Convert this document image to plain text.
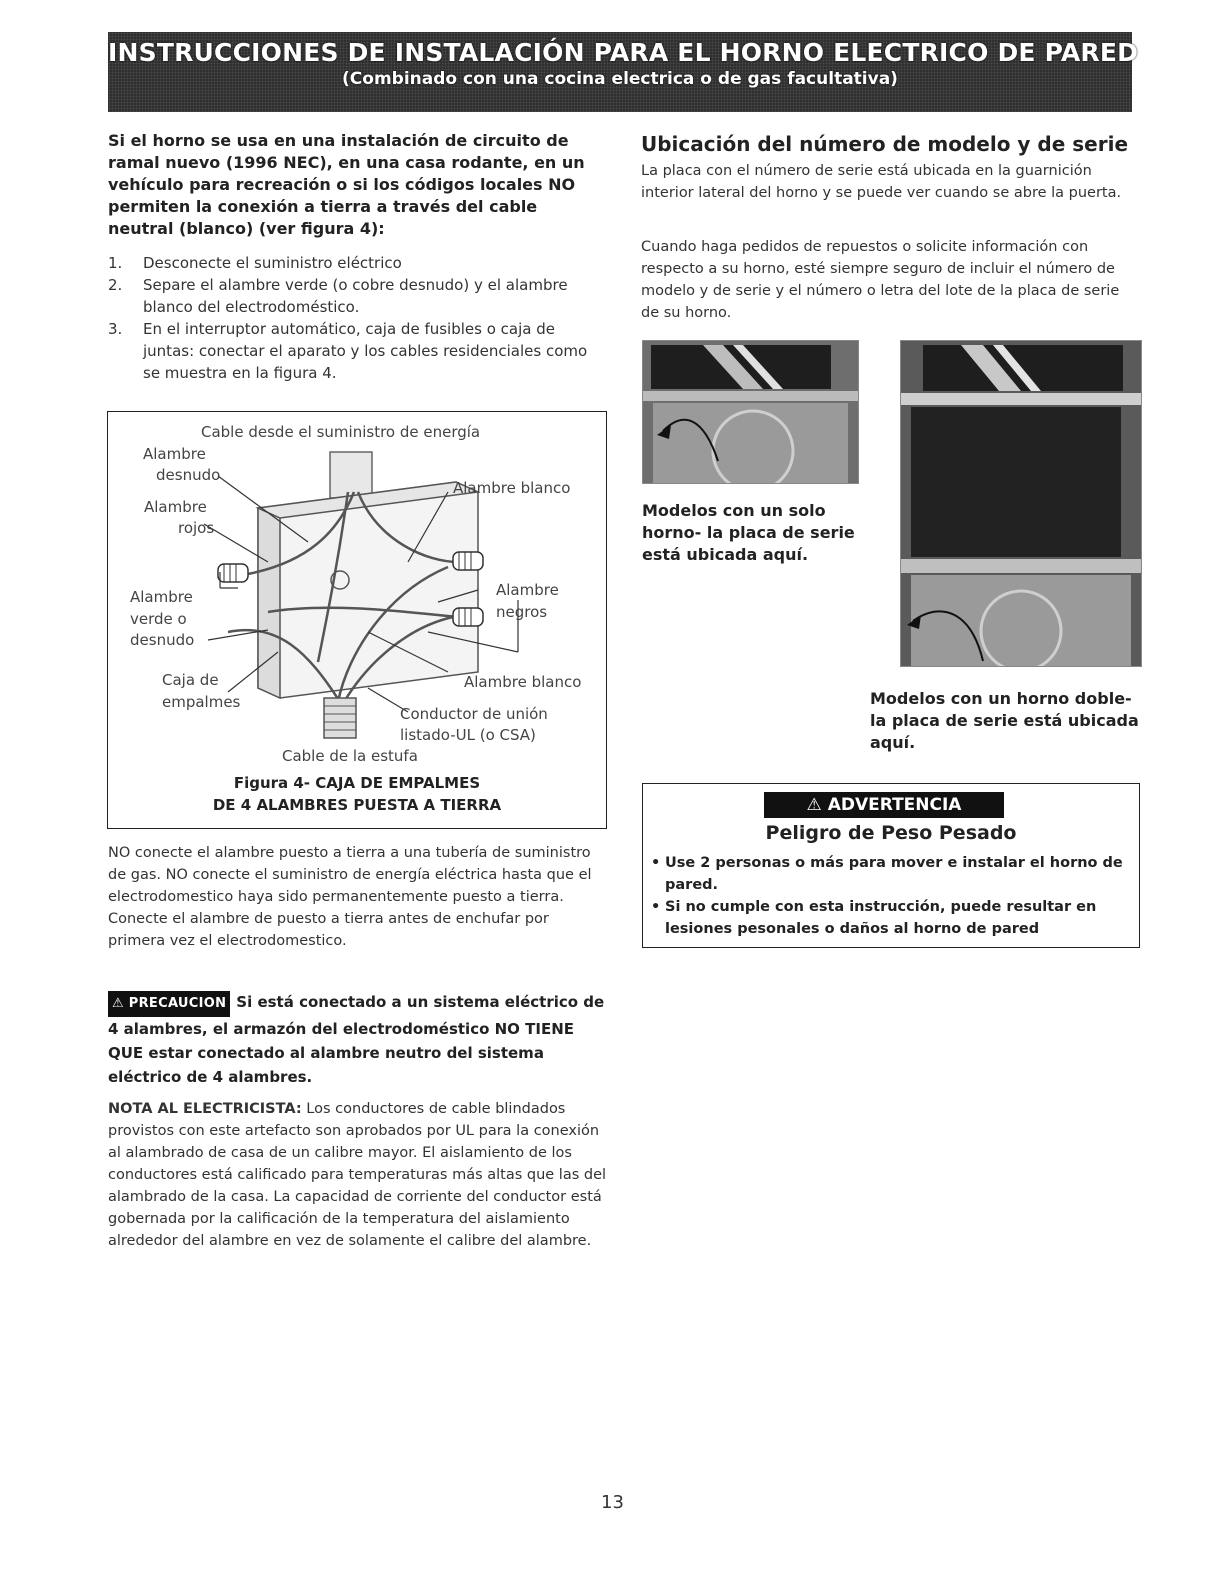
INSTRUCCIONES DE INSTALACIÓN PARA EL HORNO ELECTRICO DE PARED
(Combinado con una cocina electrica o de gas facultativa)
Si el horno se usa en una instalación de circuito de ramal nuevo (1996 NEC), en una casa rodante, en un vehículo para recreación o si los códigos locales NO permiten la conexión a tierra a través del cable neutral (blanco) (ver figura 4):
1. Desconecte el suministro eléctrico
2. Separe el alambre verde (o cobre desnudo) y el alambre blanco del electrodoméstico.
3. En el interruptor automático, caja de fusibles o caja de juntas: conectar el aparato y los cables residenciales como se muestra en la figura 4.
Cable desde el suministro de energía
Alambre
desnudo
Alambre
rojos
Alambre blanco
Alambre
verde o
desnudo
Alambre
negros
Alambre blanco
Caja de
empalmes
Conductor de unión
listado-UL (o CSA)
Cable de la estufa
Figura 4- CAJA DE EMPALMES
DE 4 ALAMBRES PUESTA A TIERRA

NO conecte el alambre puesto a tierra a una tubería de suministro de gas. NO conecte el suministro de energía eléctrica hasta que el electrodomestico haya sido permanentemente puesto a tierra. Conecte el alambre de puesto a tierra antes de enchufar por primera vez el electrodomestico.

⚠ PRECAUCION Si está conectado a un sistema eléctrico de 4 alambres, el armazón del electrodoméstico NO TIENE QUE estar conectado al alambre neutro del sistema eléctrico de 4 alambres.

NOTA AL ELECTRICISTA: Los conductores de cable blindados provistos con este artefacto son aprobados por UL para la conexión al alambrado de casa de un calibre mayor. El aislamiento de los conductores está calificado para temperaturas más altas que las del alambrado de la casa. La capacidad de corriente del conductor está gobernada por la calificación de la temperatura del aislamiento alrededor del alambre en vez de solamente el calibre del alambre.

Ubicación del número de modelo y de serie

La placa con el número de serie está ubicada en la guarnición interior lateral del horno y se puede ver cuando se abre la puerta.

Cuando haga pedidos de repuestos o solicite información con respecto a su horno, esté siempre seguro de incluir el número de modelo y de serie y el número o letra del lote de la placa de serie de su horno.

Modelos con un solo horno- la placa de serie está ubicada aquí.
Modelos con un horno doble- la placa de serie está ubicada aquí.
⚠ ADVERTENCIA
Peligro de Peso Pesado
• Use 2 personas o más para mover e instalar el horno de pared.
• Si no cumple con esta instrucción, puede resultar en lesiones pesonales o daños al horno de pared
13
